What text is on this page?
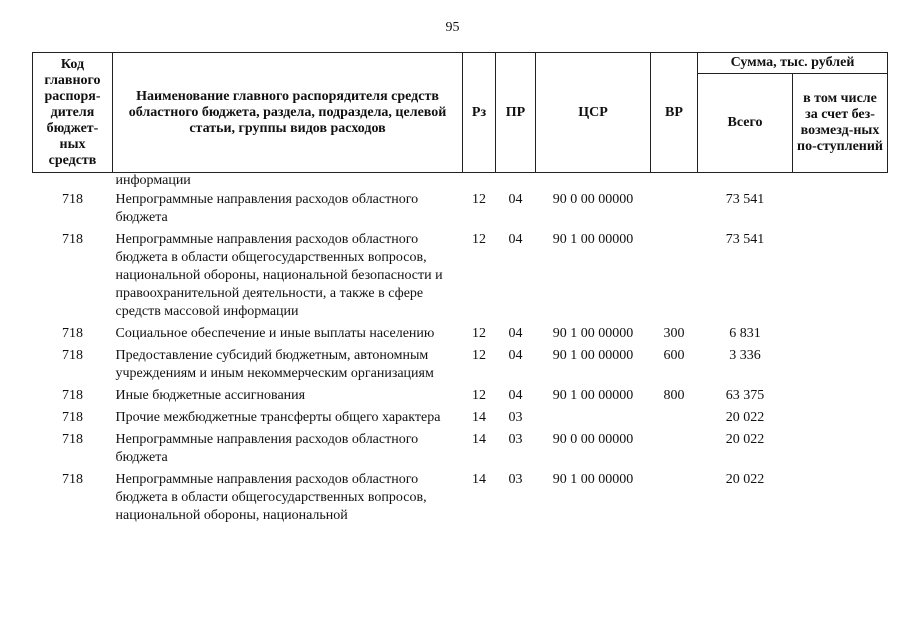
95
Код главного распоря-дителя бюджет-ных средств	Наименование главного распорядителя средств областного бюджета, раздела, подраздела, целевой статьи, группы видов расходов	Рз	ПР	ЦСР	ВР	Сумма, тыс. рублей	
						Всего	в том числе за счет без-возмезд-ных по-ступлений
	информации						
718	Непрограммные направления расходов областного бюджета	12	04	90 0 00 00000		73 541	
718	Непрограммные направления расходов областного бюджета в области общегосударственных вопросов, национальной обороны, национальной безопасности и правоохранительной деятельности, а также в сфере средств массовой информации	12	04	90 1 00 00000		73 541	
718	Социальное обеспечение и иные выплаты населению	12	04	90 1 00 00000	300	6 831	
718	Предоставление субсидий бюджетным, автономным учреждениям и иным некоммерческим организациям	12	04	90 1 00 00000	600	3 336	
718	Иные бюджетные ассигнования	12	04	90 1 00 00000	800	63 375	
718	Прочие межбюджетные трансферты общего характера	14	03			20 022	
718	Непрограммные направления расходов областного бюджета	14	03	90 0 00 00000		20 022	
718	Непрограммные направления расходов областного бюджета в области общегосударственных вопросов, национальной обороны, национальной	14	03	90 1 00 00000		20 022	
